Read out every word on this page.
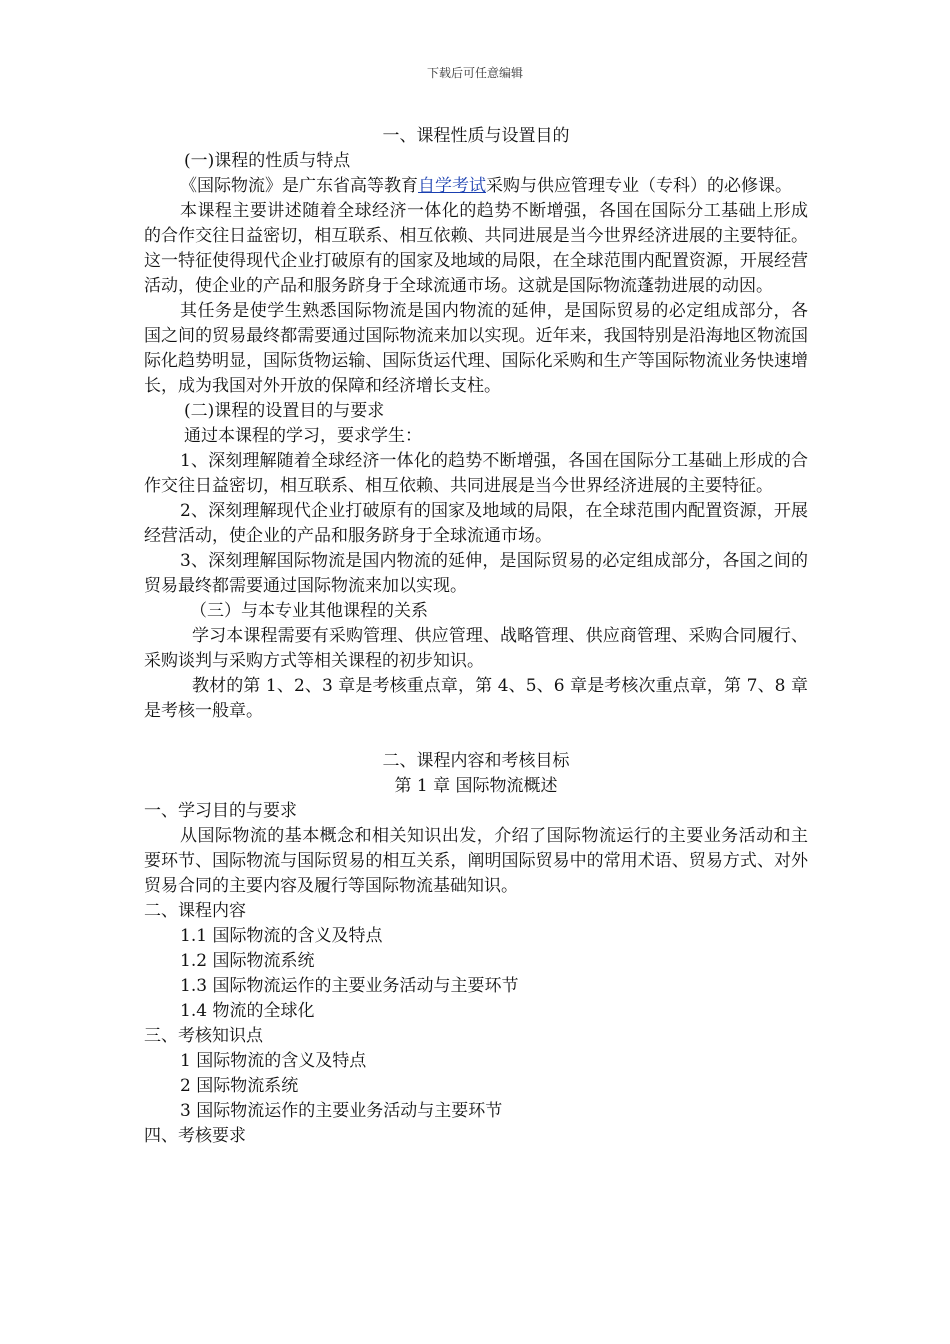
下载后可任意编辑

一、课程性质与设置目的

(一)课程的性质与特点

《国际物流》是广东省高等教育自学考试采购与供应管理专业（专科）的必修课。

本课程主要讲述随着全球经济一体化的趋势不断增强，各国在国际分工基础上形成的合作交往日益密切，相互联系、相互依赖、共同进展是当今世界经济进展的主要特征。这一特征使得现代企业打破原有的国家及地域的局限，在全球范围内配置资源，开展经营活动，使企业的产品和服务跻身于全球流通市场。这就是国际物流蓬勃进展的动因。

其任务是使学生熟悉国际物流是国内物流的延伸，是国际贸易的必定组成部分，各国之间的贸易最终都需要通过国际物流来加以实现。近年来，我国特别是沿海地区物流国际化趋势明显，国际货物运输、国际货运代理、国际化采购和生产等国际物流业务快速增长，成为我国对外开放的保障和经济增长支柱。

(二)课程的设置目的与要求

通过本课程的学习，要求学生：

1、深刻理解随着全球经济一体化的趋势不断增强，各国在国际分工基础上形成的合作交往日益密切，相互联系、相互依赖、共同进展是当今世界经济进展的主要特征。

2、深刻理解现代企业打破原有的国家及地域的局限，在全球范围内配置资源，开展经营活动，使企业的产品和服务跻身于全球流通市场。

3、深刻理解国际物流是国内物流的延伸，是国际贸易的必定组成部分，各国之间的贸易最终都需要通过国际物流来加以实现。

（三）与本专业其他课程的关系

学习本课程需要有采购管理、供应管理、战略管理、供应商管理、采购合同履行、采购谈判与采购方式等相关课程的初步知识。

教材的第 1、2、3 章是考核重点章，第 4、5、6 章是考核次重点章，第 7、8 章是考核一般章。

二、课程内容和考核目标

第 1 章 国际物流概述

一、学习目的与要求

从国际物流的基本概念和相关知识出发，介绍了国际物流运行的主要业务活动和主要环节、国际物流与国际贸易的相互关系，阐明国际贸易中的常用术语、贸易方式、对外贸易合同的主要内容及履行等国际物流基础知识。

二、课程内容

1.1 国际物流的含义及特点

1.2 国际物流系统

1.3 国际物流运作的主要业务活动与主要环节

1.4 物流的全球化

三、考核知识点

1 国际物流的含义及特点

2 国际物流系统

3 国际物流运作的主要业务活动与主要环节

四、考核要求
